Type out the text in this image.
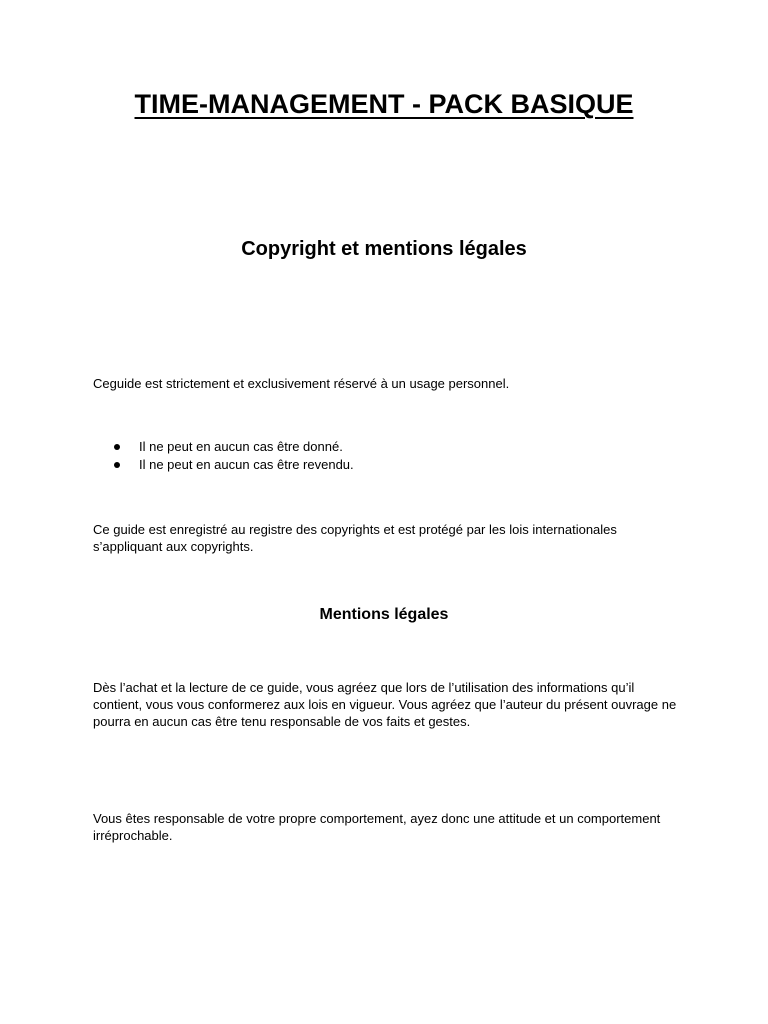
TIME-MANAGEMENT - PACK BASIQUE
Copyright et mentions légales
Ceguide est strictement et exclusivement réservé à un usage personnel.
Il ne peut en aucun cas être donné.
Il ne peut en aucun cas être revendu.
Ce guide est enregistré au registre des copyrights et est protégé par les lois internationales s’appliquant aux copyrights.
Mentions légales
Dès l’achat et la lecture de ce guide, vous agréez que lors de l’utilisation des informations qu’il contient, vous vous conformerez aux lois en vigueur. Vous agréez que l’auteur du présent ouvrage ne pourra en aucun cas être tenu responsable de vos faits et gestes.
Vous êtes responsable de votre propre comportement, ayez donc une attitude et un comportement irréprochable.
